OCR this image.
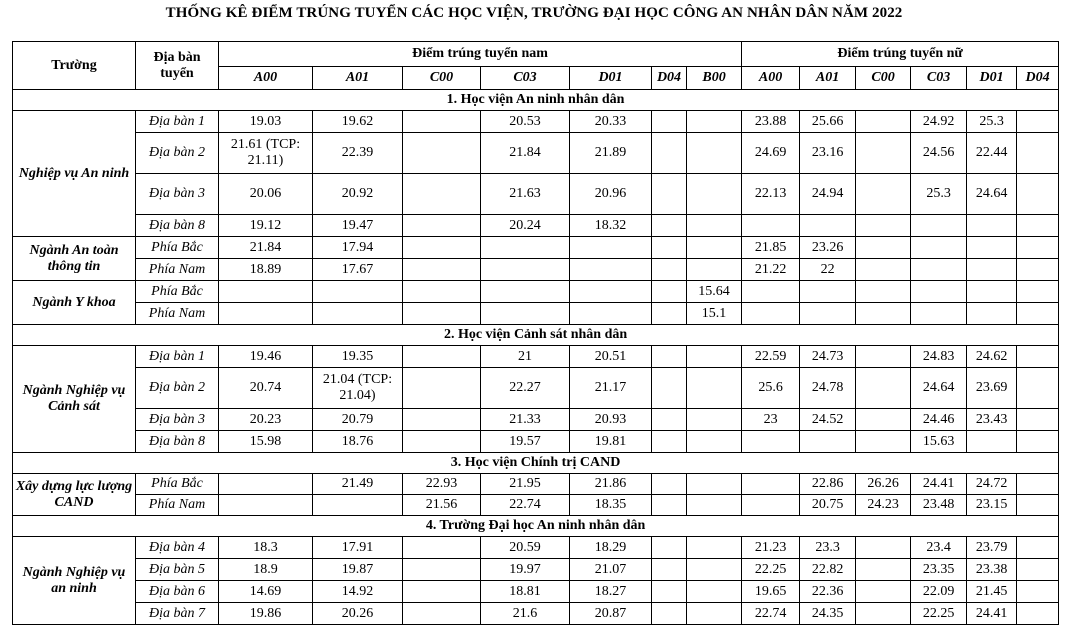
THỐNG KÊ ĐIỂM TRÚNG TUYỂN CÁC HỌC VIỆN, TRƯỜNG ĐẠI HỌC CÔNG AN NHÂN DÂN NĂM 2022
Trường	Địa bàn tuyển	Điểm trúng tuyển nam							Điểm trúng tuyển nữ					
		A00	A01	C00	C03	D01	D04	B00	A00	A01	C00	C03	D01	D04
1. Học viện An ninh nhân dân														
Nghiệp vụ An ninh	Địa bàn 1	19.03	19.62		20.53	20.33			23.88	25.66		24.92	25.3	
	Địa bàn 2	21.61 (TCP: 21.11)	22.39		21.84	21.89			24.69	23.16		24.56	22.44	
	Địa bàn 3	20.06	20.92		21.63	20.96			22.13	24.94		25.3	24.64	
	Địa bàn 8	19.12	19.47		20.24	18.32								
Ngành An toàn thông tin	Phía Bắc	21.84	17.94						21.85	23.26				
	Phía Nam	18.89	17.67						21.22	22				
Ngành Y khoa	Phía Bắc							15.64						
	Phía Nam							15.1						
2. Học viện Cảnh sát nhân dân														
Ngành Nghiệp vụ Cảnh sát	Địa bàn 1	19.46	19.35		21	20.51			22.59	24.73		24.83	24.62	
	Địa bàn 2	20.74	21.04 (TCP: 21.04)		22.27	21.17			25.6	24.78		24.64	23.69	
	Địa bàn 3	20.23	20.79		21.33	20.93			23	24.52		24.46	23.43	
	Địa bàn 8	15.98	18.76		19.57	19.81						15.63		
3. Học viện Chính trị CAND														
Xây dựng lực lượng CAND	Phía Bắc		21.49	22.93	21.95	21.86				22.86	26.26	24.41	24.72	
	Phía Nam			21.56	22.74	18.35				20.75	24.23	23.48	23.15	
4. Trường Đại học An ninh nhân dân														
Ngành Nghiệp vụ an ninh	Địa bàn 4	18.3	17.91		20.59	18.29			21.23	23.3		23.4	23.79	
	Địa bàn 5	18.9	19.87		19.97	21.07			22.25	22.82		23.35	23.38	
	Địa bàn 6	14.69	14.92		18.81	18.27			19.65	22.36		22.09	21.45	
	Địa bàn 7	19.86	20.26		21.6	20.87			22.74	24.35		22.25	24.41	
